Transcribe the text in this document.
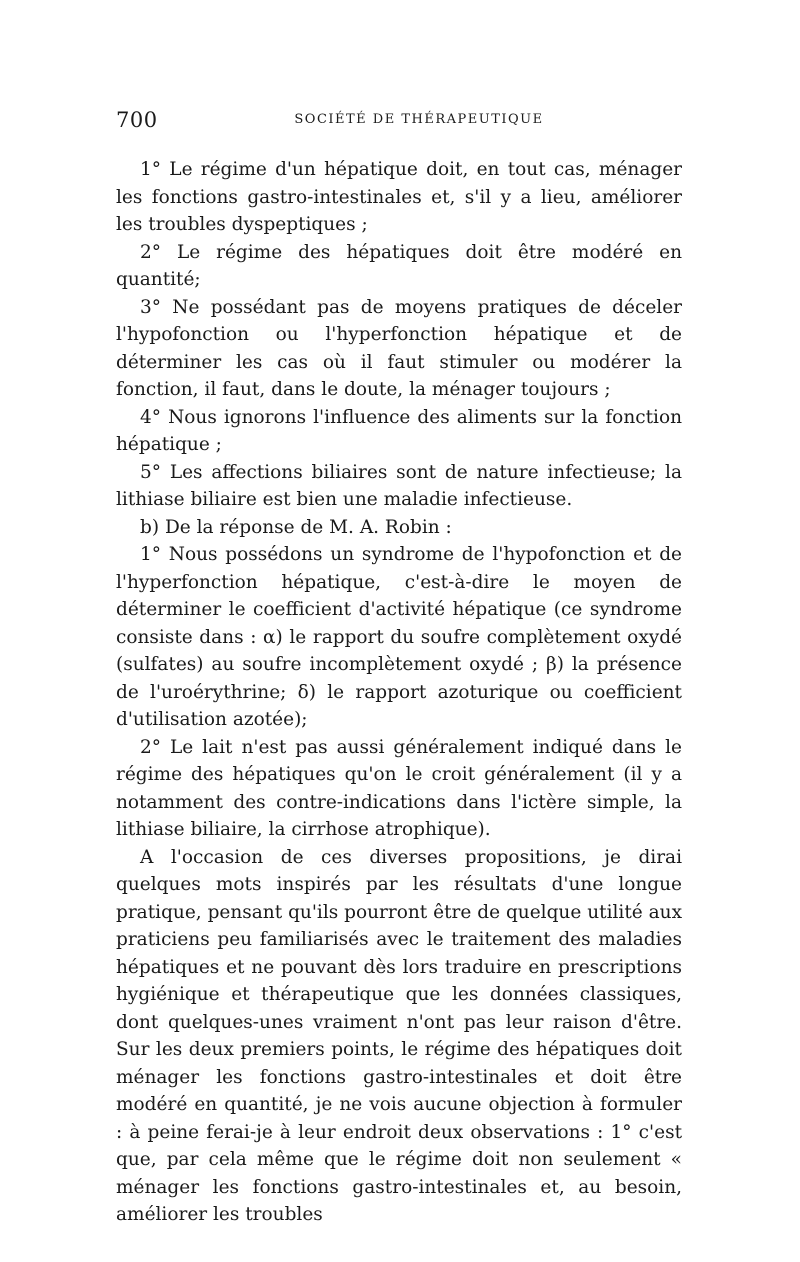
700	SOCIÉTÉ DE THÉRAPEUTIQUE

1° Le régime d'un hépatique doit, en tout cas, ménager les fonctions gastro-intestinales et, s'il y a lieu, améliorer les troubles dyspeptiques ;

2° Le régime des hépatiques doit être modéré en quantité;

3° Ne possédant pas de moyens pratiques de déceler l'hypofonction ou l'hyperfonction hépatique et de déterminer les cas où il faut stimuler ou modérer la fonction, il faut, dans le doute, la ménager toujours ;

4° Nous ignorons l'influence des aliments sur la fonction hépatique ;

5° Les affections biliaires sont de nature infectieuse; la lithiase biliaire est bien une maladie infectieuse.

b) De la réponse de M. A. Robin :

1° Nous possédons un syndrome de l'hypofonction et de l'hyperfonction hépatique, c'est-à-dire le moyen de déterminer le coefficient d'activité hépatique (ce syndrome consiste dans : α) le rapport du soufre complètement oxydé (sulfates) au soufre incomplètement oxydé ; β) la présence de l'uroérythrine; δ) le rapport azoturique ou coefficient d'utilisation azotée);

2° Le lait n'est pas aussi généralement indiqué dans le régime des hépatiques qu'on le croit généralement (il y a notamment des contre-indications dans l'ictère simple, la lithiase biliaire, la cirrhose atrophique).

A l'occasion de ces diverses propositions, je dirai quelques mots inspirés par les résultats d'une longue pratique, pensant qu'ils pourront être de quelque utilité aux praticiens peu familiarisés avec le traitement des maladies hépatiques et ne pouvant dès lors traduire en prescriptions hygiénique et thérapeutique que les données classiques, dont quelques-unes vraiment n'ont pas leur raison d'être. Sur les deux premiers points, le régime des hépatiques doit ménager les fonctions gastro-intestinales et doit être modéré en quantité, je ne vois aucune objection à formuler : à peine ferai-je à leur endroit deux observations : 1° c'est que, par cela même que le régime doit non seulement « ménager les fonctions gastro-intestinales et, au besoin, améliorer les troubles
